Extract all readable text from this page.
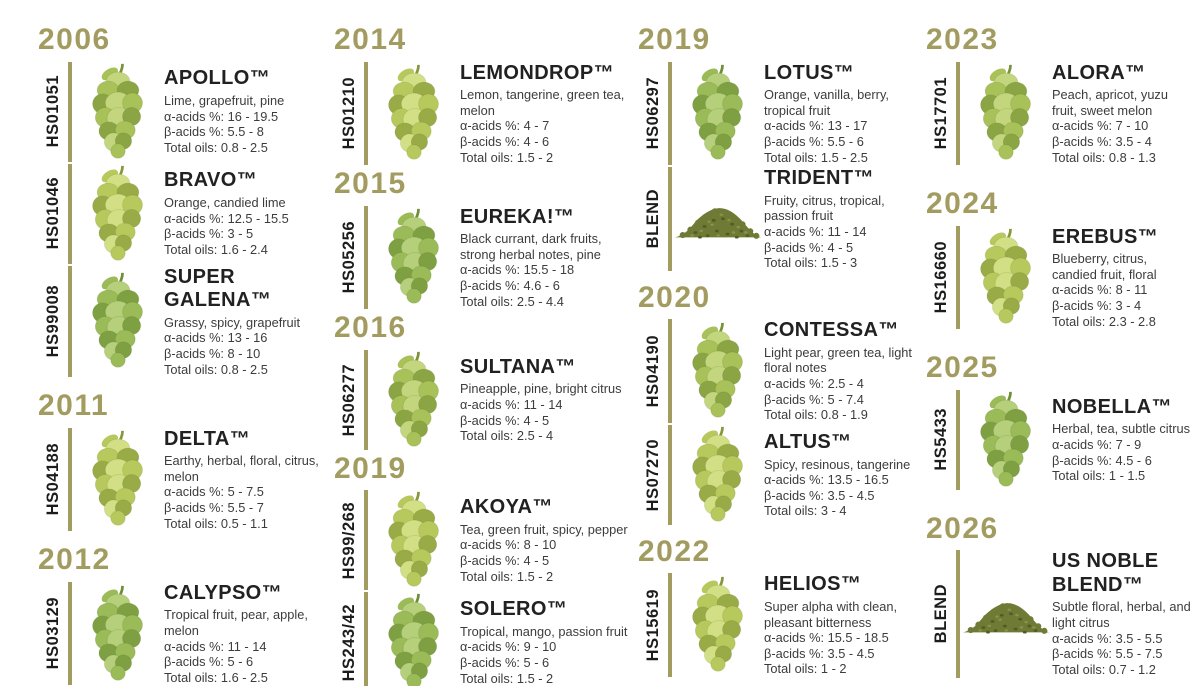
2006
HS01051	APOLLO™
Lime, grapefruit, pine
α-acids %: 16 - 19.5
β-acids %: 5.5 - 8
Total oils: 0.8 - 2.5
HS01046	BRAVO™
Orange, candied lime
α-acids %: 12.5 - 15.5
β-acids %: 3 - 5
Total oils: 1.6 - 2.4
HS99008
SUPER GALENA™
Grassy, spicy, grapefruit
α-acids %: 13 - 16
β-acids %: 8 - 10
Total oils: 0.8 - 2.5
2011
HS04188
DELTA™
Earthy, herbal, floral, citrus, melon
α-acids %: 5 - 7.5
β-acids %: 5.5 - 7
Total oils: 0.5 - 1.1
2012
HS03129
CALYPSO™
Tropical fruit, pear, apple, melon
α-acids %: 11 - 14
β-acids %: 5 - 6
Total oils: 1.6 - 2.5
2014
HS01210
LEMONDROP™
Lemon, tangerine, green tea, melon
α-acids %: 4 - 7
β-acids %: 4 - 6
Total oils: 1.5 - 2
2015
HS05256
EUREKA!™
Black currant, dark fruits, strong herbal notes, pine
α-acids %: 15.5 - 18
β-acids %: 4.6 - 6
Total oils: 2.5 - 4.4
2016
HS06277	SULTANA™
Pineapple, pine, bright citrus
α-acids %: 11 - 14
β-acids %: 4 - 5
Total oils: 2.5 - 4
2019
HS99/268	AKOYA™
Tea, green fruit, spicy, pepper
α-acids %: 8 - 10
β-acids %: 4 - 5
Total oils: 1.5 - 2
HS243/42	SOLERO™
Tropical, mango, passion fruit
α-acids %: 9 - 10
β-acids %: 5 - 6
Total oils: 1.5 - 2
2019
HS06297
LOTUS™
Orange, vanilla, berry, tropical fruit
α-acids %: 13 - 17
β-acids %: 5.5 - 6
Total oils: 1.5 - 2.5
BLEND
TRIDENT™
Fruity, citrus, tropical, passion fruit
α-acids %: 11 - 14
β-acids %: 4 - 5
Total oils: 1.5 - 3
2020
HS04190
CONTESSA™
Light pear, green tea, light floral notes
α-acids %: 2.5 - 4
β-acids %: 5 - 7.4
Total oils: 0.8 - 1.9
HS07270	ALTUS™
Spicy, resinous, tangerine
α-acids %: 13.5 - 16.5
β-acids %: 3.5 - 4.5
Total oils: 3 - 4
2022
HS15619
HELIOS™
Super alpha with clean, pleasant bitterness
α-acids %: 15.5 - 18.5
β-acids %: 3.5 - 4.5
Total oils: 1 - 2
2023
HS17701
ALORA™
Peach, apricot, yuzu fruit, sweet melon
α-acids %: 7 - 10
β-acids %: 3.5 - 4
Total oils: 0.8 - 1.3
2024
HS16660
EREBUS™
Blueberry, citrus, candied fruit, floral
α-acids %: 8 - 11
β-acids %: 3 - 4
Total oils: 2.3 - 2.8
2025
HS5433
NOBELLA™
Herbal, tea, subtle citrus
α-acids %: 7 - 9
β-acids %: 4.5 - 6
Total oils: 1 - 1.5
2026
BLEND
US NOBLE BLEND™
Subtle floral, herbal, and light citrus
α-acids %: 3.5 - 5.5
β-acids %: 5.5 - 7.5
Total oils: 0.7 - 1.2
